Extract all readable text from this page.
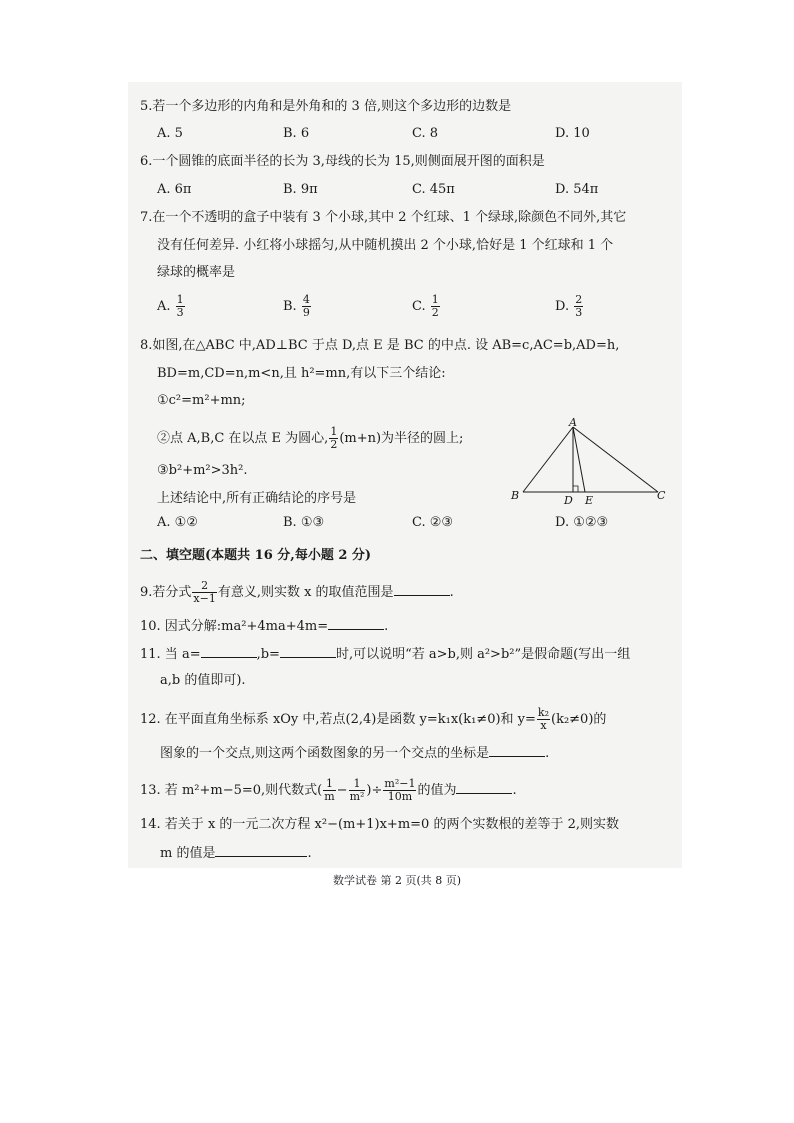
5.若一个多边形的内角和是外角和的 3 倍,则这个多边形的边数是
A. 5	B. 6	C. 8	D. 10
6.一个圆锥的底面半径的长为 3,母线的长为 15,则侧面展开图的面积是
A. 6π	B. 9π	C. 45π	D. 54π
7.在一个不透明的盒子中装有 3 个小球,其中 2 个红球、1 个绿球,除颜色不同外,其它
没有任何差异. 小红将小球摇匀,从中随机摸出 2 个小球,恰好是 1 个红球和 1 个
绿球的概率是
A. $\frac{1}{3}$	B. $\frac{4}{9}$	C. $\frac{1}{2}$	D. $\frac{2}{3}$
8.如图,在△ABC 中,AD⊥BC 于点 D,点 E 是 BC 的中点. 设 AB=c,AC=b,AD=h,
BD=m,CD=n,m<n,且 h²=mn,有以下三个结论:
①c²=m²+mn;
②点 A,B,C 在以点 E 为圆心, $\frac{1}{2} (m+n)$为半径的圆上;
③b²+m²>3h².
上述结论中,所有正确结论的序号是
A. ①②	B. ①③	C. ②③	D. ①②③
A
B	C
D E
二、填空题(本题共 16 分,每小题 2 分)
9.若分式 $\frac{2}{x-1}$ 有意义,则实数 x 的取值范围是	.
10. 因式分解:ma²+4ma+4m=	.
11. 当 a=	,b=	时,可以说明“若 a>b,则 a²>b²”是假命题(写出一组
a,b 的值即可).
12. 在平面直角坐标系 xOy 中,若点(2,4)是函数 y=k₁x(k₁≠0)和 $y= \frac{\text{k₂}}{x} (k_2\ne 0)$的
图象的一个交点,则这两个函数图象的另一个交点的坐标是	.
13. 若 m²+m−5=0,则代数式( $\frac{1}{m} - \frac{1}{\text{m²}}$ )÷ $\frac{\text{m²−1}}{10m}$ 的值为	.
14. 若关于 x 的一元二次方程 x²−(m+1)x+m=0 的两个实数根的差等于 2,则实数
m 的值是	.
数学试卷 第 2 页(共 8 页)
